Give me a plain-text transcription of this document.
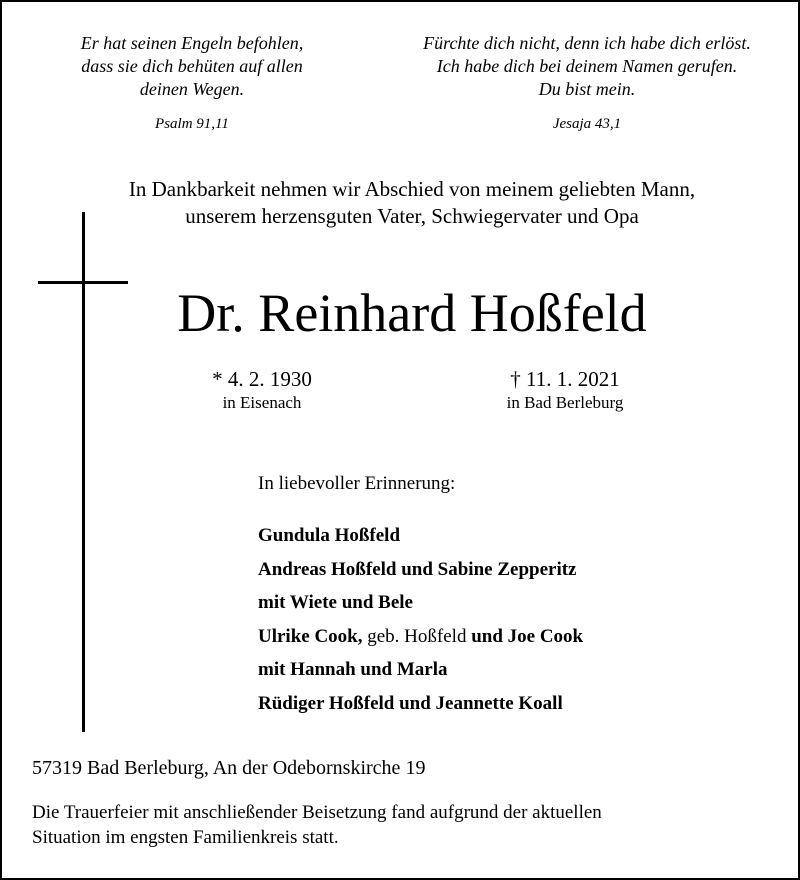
Er hat seinen Engeln befohlen,
dass sie dich behüten auf allen
deinen Wegen.
Psalm 91,11
Fürchte dich nicht, denn ich habe dich erlöst.
Ich habe dich bei deinem Namen gerufen.
Du bist mein.
Jesaja 43,1
In Dankbarkeit nehmen wir Abschied von meinem geliebten Mann,
unserem herzensguten Vater, Schwiegervater und Opa
Dr. Reinhard Hoßfeld
* 4. 2. 1930
in Eisenach
† 11. 1. 2021
in Bad Berleburg
In liebevoller Erinnerung:
Gundula Hoßfeld
Andreas Hoßfeld und Sabine Zepperitz
mit Wiete und Bele
Ulrike Cook, geb. Hoßfeld und Joe Cook
mit Hannah und Marla
Rüdiger Hoßfeld und Jeannette Koall
57319 Bad Berleburg, An der Odebornskirche 19
Die Trauerfeier mit anschließender Beisetzung fand aufgrund der aktuellen
Situation im engsten Familienkreis statt.
